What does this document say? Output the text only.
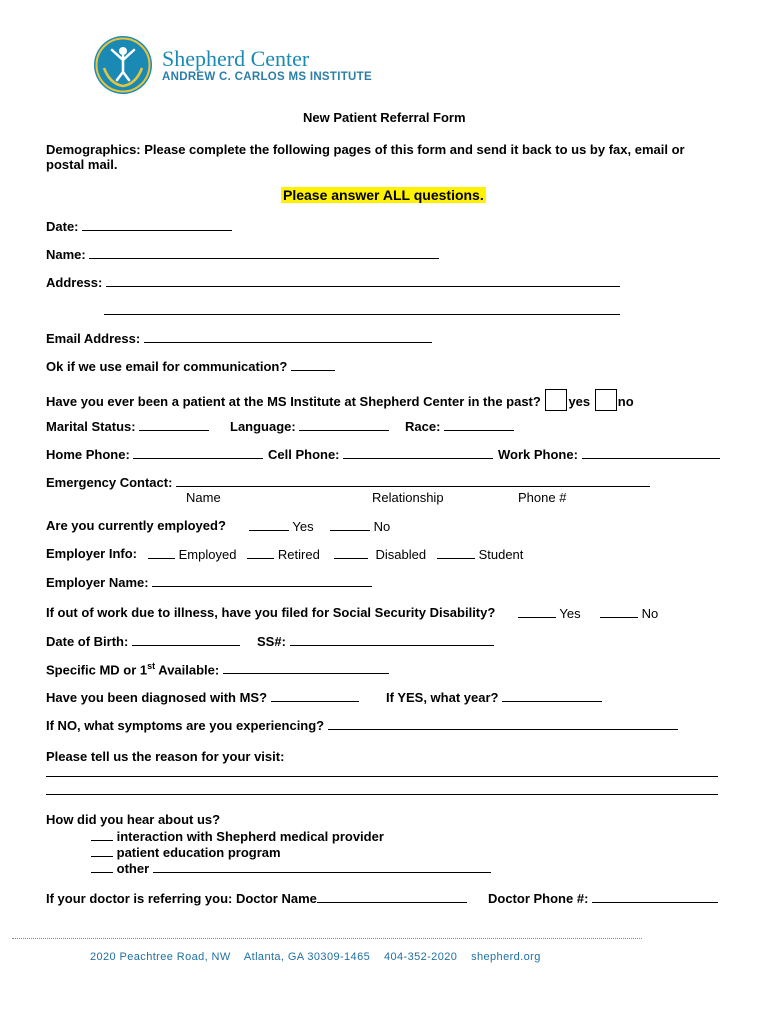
Shepherd Center
ANDREW C. CARLOS MS INSTITUTE
New Patient Referral Form
Demographics: Please complete the following pages of this form and send it back to us by fax, email or
postal mail.
Please answer ALL questions.
Date:
Name:
Address:
Email Address:
Ok if we use email for communication?
Have you ever been a patient at the MS Institute at Shepherd Center in the past? yes no
Marital Status:	Language:	Race:
Home Phone:	Cell Phone:	Work Phone:
Emergency Contact:
Name	Relationship	Phone #
Are you currently employed?	Yes	No
Employer Info:	Employed	Retired	Disabled	Student
Employer Name:
If out of work due to illness, have you filed for Social Security Disability?	Yes	No
Date of Birth:	SS#:
Specific MD or 1st Available:
Have you been diagnosed with MS?	If YES, what year?
If NO, what symptoms are you experiencing?
Please tell us the reason for your visit:
How did you hear about us?
interaction with Shepherd medical provider
patient education program
other
If your doctor is referring you: Doctor Name	Doctor Phone #:
2020 Peachtree Road, NW Atlanta, GA 30309-1465 404-352-2020 shepherd.org
